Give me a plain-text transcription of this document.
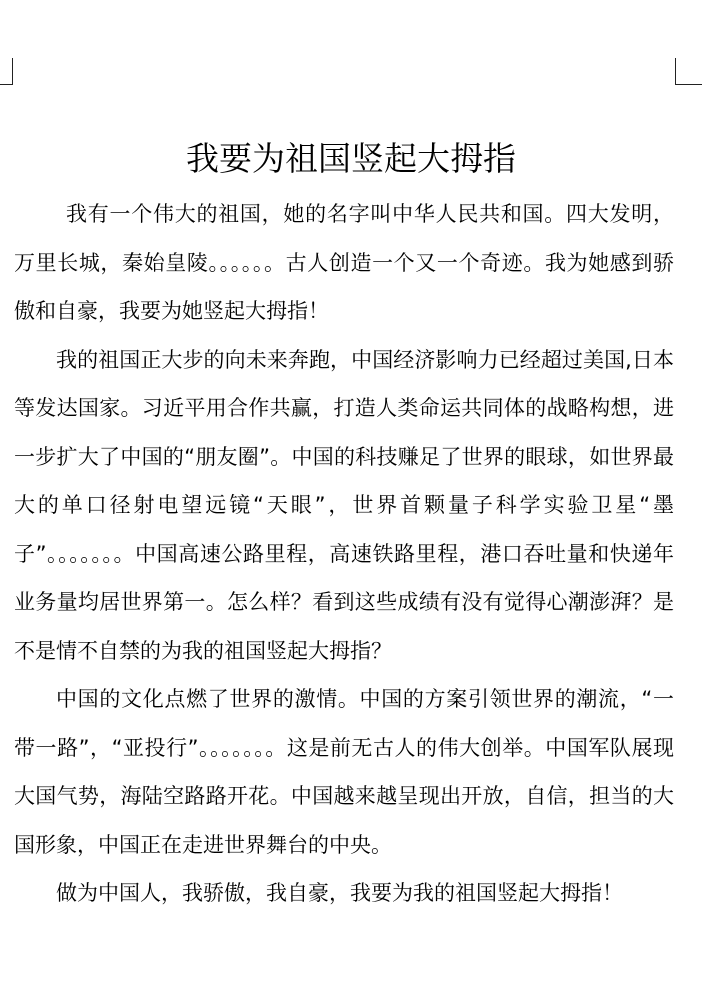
我要为祖国竖起大拇指

我有一个伟大的祖国，她的名字叫中华人民共和国。四大发明，万里长城，秦始皇陵。。。。。。古人创造一个又一个奇迹。我为她感到骄傲和自豪，我要为她竖起大拇指！

我的祖国正大步的向未来奔跑，中国经济影响力已经超过美国,日本等发达国家。习近平用合作共赢，打造人类命运共同体的战略构想，进一步扩大了中国的“朋友圈”。中国的科技赚足了世界的眼球，如世界最大的单口径射电望远镜“天眼”，世界首颗量子科学实验卫星“墨子”。。。。。。。中国高速公路里程，高速铁路里程，港口吞吐量和快递年业务量均居世界第一。怎么样？看到这些成绩有没有觉得心潮澎湃？是不是情不自禁的为我的祖国竖起大拇指？

中国的文化点燃了世界的激情。中国的方案引领世界的潮流，“一带一路”，“亚投行”。。。。。。。这是前无古人的伟大创举。中国军队展现大国气势，海陆空路路开花。中国越来越呈现出开放，自信，担当的大国形象，中国正在走进世界舞台的中央。

做为中国人，我骄傲，我自豪，我要为我的祖国竖起大拇指！
